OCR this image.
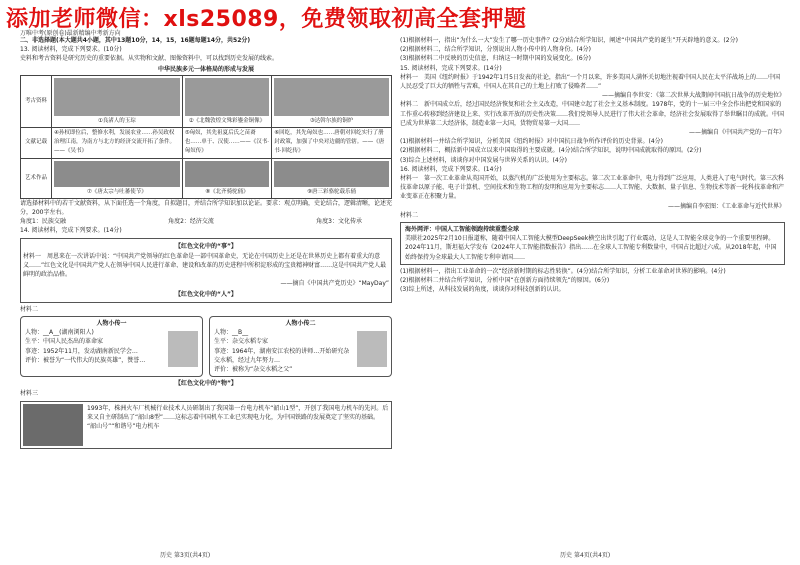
添加老师微信：xls25089，免费领取初高全套押题
万唯中考(原创卷)最新精编中考新方向

二、非选择题(本大题共4小题，其中13题10分，14，15，16题每题14分，共52分)

13. 阅读材料，完成下列要求。(10分)

史料和考古资料是研究历史的重要依据。从实物和文献、图像资料中，可以找到历史发展的线索。

中华民族多元一体格局的形成与发展
考古资料	①良渚人的玉琮	②《北魏敦煌文殊彩鎏金铜像》	③达斡尔族的铜炉

文献记载	④孙权即位后，整修水利，发展农业……孙吴政权治理江南，为南方与北方的经济交流开拓了条件。——《吴书》	⑤匈奴，其先祖夏后氏之苗裔也……单于、汉使……——《汉书·匈奴传》	⑥回纥，其先匈奴也……唐朝对回纥实行了册封政策，加强了中央对边疆的管辖。——《唐书·回纥传》
艺术作品	⑦《唐太宗与吐蕃使节》	⑧《北齐骑驼俑》	⑨唐三彩骆驼载乐俑

请选择材料中的若干文献资料，从下面任选一个角度，自拟题目，并结合所学知识加以论证。要求：观点明确，史论结合，逻辑清晰，论述充分，200字左右。

角度1：民族交融	角度2：经济交流	角度3：文化传承

14. 阅读材料，完成下列要求。(14分)

【红色文化中的“事”】

材料一　周恩来在一次讲话中说：“中国共产党领导的红色革命是一部中国革命史，无论在中国历史上还是在世界历史上都有着重大的意义……”红色文化是中国共产党人在领导中国人民进行革命、建设和改革的历史进程中所积淀形成的宝贵精神财富……这是中国共产党人最鲜明的政治品格。

——摘自《中国共产党历史》“MayDay”

【红色文化中的“人”】

材料二

人物小传一

人物：__A__(湖南浏阳人)

生平：中国人民杰出的革命家

事迹：1952年11月，发动湖南新民学会…

评价：被誉为“一代伟大的民族英雄”，赞誉…

人物小传二

人物：__B__

生平：杂交水稻专家

事迹：1964年，湖南安江农校的讲师…开始研究杂交水稻，经过九年努力…

评价：被称为“杂交水稻之父”

【红色文化中的“物”】

材料三

1993年，株洲火车厂机械行业技术人员研制出了我国第一台电力机车“韶山1型”，开创了我国电力机车的先河。后来又自主研制出了“韶山8型”……这标志着中国机车工业已实现电力化，为中国铁路的发展奠定了坚实的基础。

“韶山号”“和谐号”电力机车

(1)根据材料一，指出“为什么一大”发生了哪一历史事件？(2分)结合所学知识，阐述“中国共产党的诞生”开天辟地的意义。(2分)

(2)根据材料二，结合所学知识，分别说出人物小传中的人物身份。(4分)

(3)根据材料二中反映的历史信息，归纳这一时期中国的发展变化。(6分)

15. 阅读材料，完成下列要求。(14分)

材料一　美国《纽约时报》于1942年1月5日发表的社论，指出“一个月以来，许多美国人满怀关切地注视着中国人民在太平洋战场上的……中国人民忍受了巨大的牺牲与苦难，中国人在其自己的土地上打败了侵略者……”

——摘编自李世安：《第二次世界大战期间中国抗日战争的历史地位》

材料二　新中国成立后，经过国民经济恢复和社会主义改造，中国建立起了社会主义基本制度。1978年，党的十一届三中全会作出把党和国家的工作重心转移到经济建设上来、实行改革开放的历史性决策……我们党领导人民进行了伟大社会革命，经济社会发展取得了举世瞩目的成就。中国已成为世界第二大经济体，制造业第一大国，货物贸易第一大国……

——摘编自《中国共产党的一百年》

(1)根据材料一并结合所学知识，分析美国《纽约时报》对中国抗日战争所作评价的历史背景。(4分)

(2)根据材料二，概括新中国成立以来中国取得的主要成就。(4分)结合所学知识，说明中国成就取得的原因。(2分)

(3)综合上述材料，谈谈你对中国发展与世界关系的认识。(4分)

16. 阅读材料，完成下列要求。(14分)

材料一　第一次工业革命从英国开始，以蒸汽机的广泛使用为主要标志。第二次工业革命中，电力得到广泛应用，人类进入了电气时代。第三次科技革命以原子能、电子计算机、空间技术和生物工程的发明和应用为主要标志……人工智能、大数据、量子信息、生物技术等新一轮科技革命和产业变革正在积聚力量。

——摘编自李宏图：《工业革命与近代世界》

材料二

海外网评：中国人工智能领跑持续重塑全球

美联社2025年2月10日报道称，随着中国人工智能大模型DeepSeek横空出世引起了行业震动，这是人工智能全球竞争的一个重要里程碑。2024年11月，斯坦福大学发布《2024年人工智能指数报告》指出……在全球人工智能专利数量中，中国占比超过六成。从2018年起，中国始终保持为全球最大人工智能专利申请国……

(1)根据材料一，指出工业革命的一次“经济新时期的标志性转换”。(4分)结合所学知识，分析工业革命对世界的影响。(4分)

(2)根据材料二并结合所学知识，分析中国“在创新方面持续领先”的原因。(6分)

(3)综上所述，从科技发展的角度，谈谈你对科技创新的认识。

历史 第3页(共4页)	历史 第4页(共4页)
